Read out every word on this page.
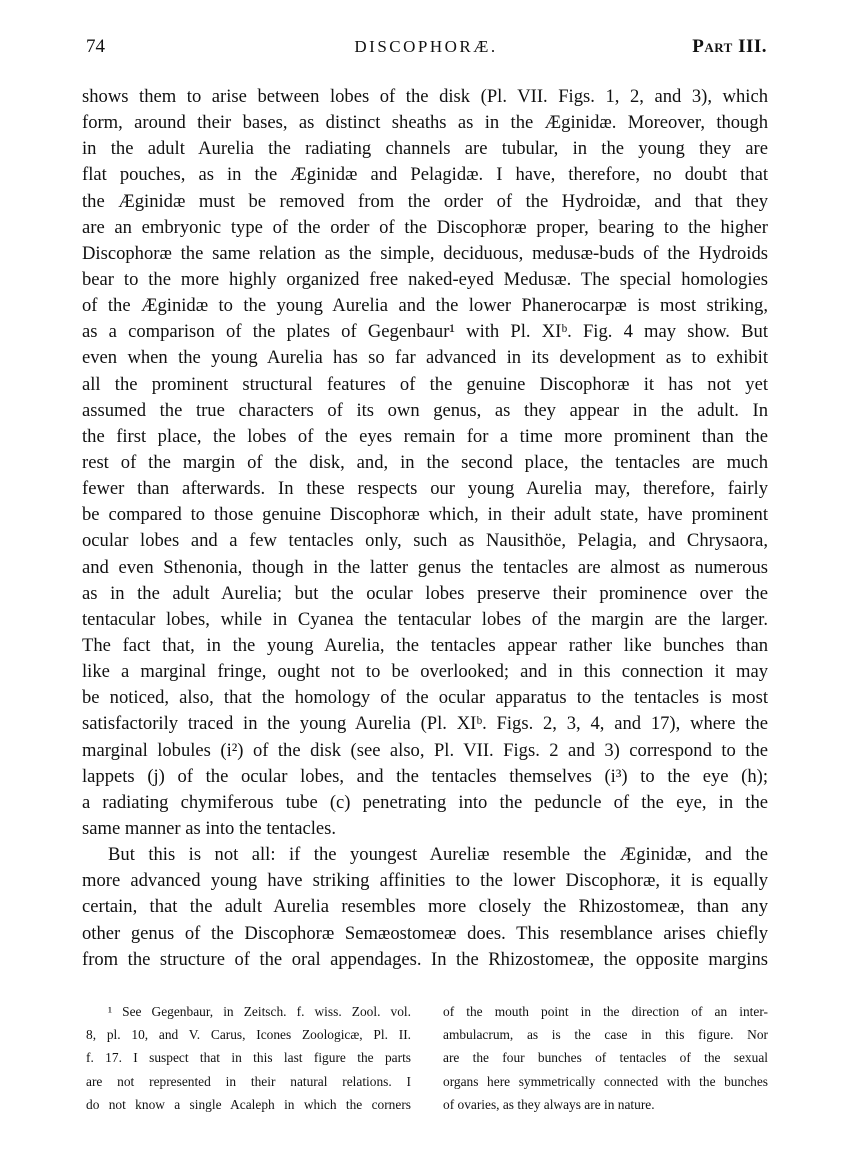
74	DISCOPHORÆ.	Part III.
shows them to arise between lobes of the disk (Pl. VII. Figs. 1, 2, and 3), which
form, around their bases, as distinct sheaths as in the Æginidæ. Moreover, though
in the adult Aurelia the radiating channels are tubular, in the young they are
flat pouches, as in the Æginidæ and Pelagidæ. I have, therefore, no doubt that
the Æginidæ must be removed from the order of the Hydroidæ, and that they
are an embryonic type of the order of the Discophoræ proper, bearing to the higher
Discophoræ the same relation as the simple, deciduous, medusæ-buds of the Hydroids
bear to the more highly organized free naked-eyed Medusæ. The special homologies
of the Æginidæ to the young Aurelia and the lower Phanerocarpæ is most striking,
as a comparison of the plates of Gegenbaur¹ with Pl. XIᵇ. Fig. 4 may show. But
even when the young Aurelia has so far advanced in its development as to exhibit
all the prominent structural features of the genuine Discophoræ it has not yet
assumed the true characters of its own genus, as they appear in the adult. In
the first place, the lobes of the eyes remain for a time more prominent than the
rest of the margin of the disk, and, in the second place, the tentacles are much
fewer than afterwards. In these respects our young Aurelia may, therefore, fairly
be compared to those genuine Discophoræ which, in their adult state, have prominent
ocular lobes and a few tentacles only, such as Nausithöe, Pelagia, and Chrysaora,
and even Sthenonia, though in the latter genus the tentacles are almost as numerous
as in the adult Aurelia; but the ocular lobes preserve their prominence over the
tentacular lobes, while in Cyanea the tentacular lobes of the margin are the larger.
The fact that, in the young Aurelia, the tentacles appear rather like bunches than
like a marginal fringe, ought not to be overlooked; and in this connection it may
be noticed, also, that the homology of the ocular apparatus to the tentacles is most
satisfactorily traced in the young Aurelia (Pl. XIᵇ. Figs. 2, 3, 4, and 17), where the
marginal lobules (i²) of the disk (see also, Pl. VII. Figs. 2 and 3) correspond to the
lappets (j) of the ocular lobes, and the tentacles themselves (i³) to the eye (h);
a radiating chymiferous tube (c) penetrating into the peduncle of the eye, in the
same manner as into the tentacles.
But this is not all: if the youngest Aureliæ resemble the Æginidæ, and the
more advanced young have striking affinities to the lower Discophoræ, it is equally
certain, that the adult Aurelia resembles more closely the Rhizostomeæ, than any
other genus of the Discophoræ Semæostomeæ does. This resemblance arises chiefly
from the structure of the oral appendages. In the Rhizostomeæ, the opposite margins
¹ See Gegenbaur, in Zeitsch. f. wiss. Zool. vol.
8, pl. 10, and V. Carus, Icones Zoologicæ, Pl. II.
f. 17. I suspect that in this last figure the parts
are not represented in their natural relations. I
do not know a single Acaleph in which the corners
of the mouth point in the direction of an inter-
ambulacrum, as is the case in this figure. Nor
are the four bunches of tentacles of the sexual
organs here symmetrically connected with the bunches
of ovaries, as they always are in nature.
